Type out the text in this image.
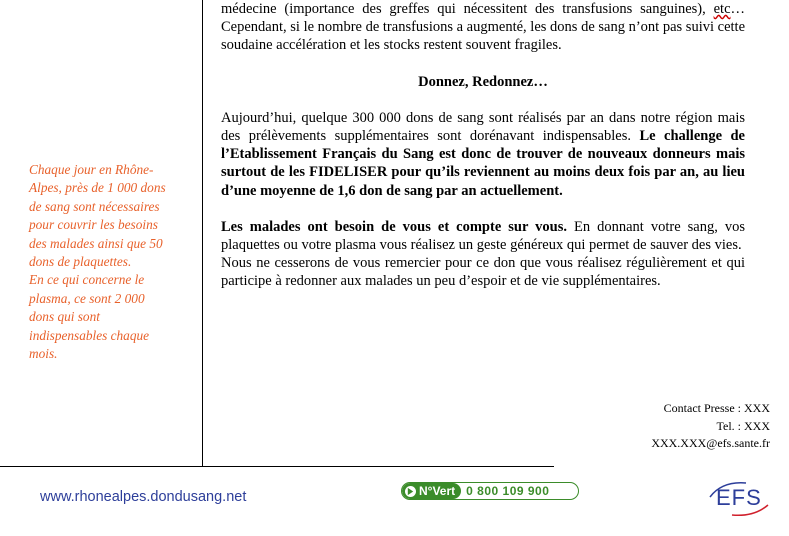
Chaque jour en Rhône-Alpes, près de 1 000 dons de sang sont nécessaires pour couvrir les besoins des malades ainsi que 50 dons de plaquettes.

En ce qui concerne le plasma, ce sont 2 000 dons qui sont indispensables chaque mois.

médecine (importance des greffes qui nécessitent des transfusions sanguines), etc… Cependant, si le nombre de transfusions a augmenté, les dons de sang n’ont pas suivi cette soudaine accélération et les stocks restent souvent fragiles.

Donnez, Redonnez…

Aujourd’hui, quelque 300 000 dons de sang sont réalisés par an dans notre région mais des prélèvements supplémentaires sont dorénavant indispensables. Le challenge de l’Etablissement Français du Sang est donc de trouver de nouveaux donneurs mais surtout de les FIDELISER pour qu’ils reviennent au moins deux fois par an, au lieu d’une moyenne de 1,6 don de sang par an actuellement.

Les malades ont besoin de vous et compte sur vous. En donnant votre sang, vos plaquettes ou votre plasma vous réalisez un geste généreux qui permet de sauver des vies.

Nous ne cesserons de vous remercier pour ce don que vous réalisez régulièrement et qui participe à redonner aux malades un peu d’espoir et de vie supplémentaires.

Contact Presse : XXX
Tel. : XXX
XXX.XXX@efs.sante.fr
www.rhonealpes.dondusang.net	N°Vert 0 800 109 900	EFS
